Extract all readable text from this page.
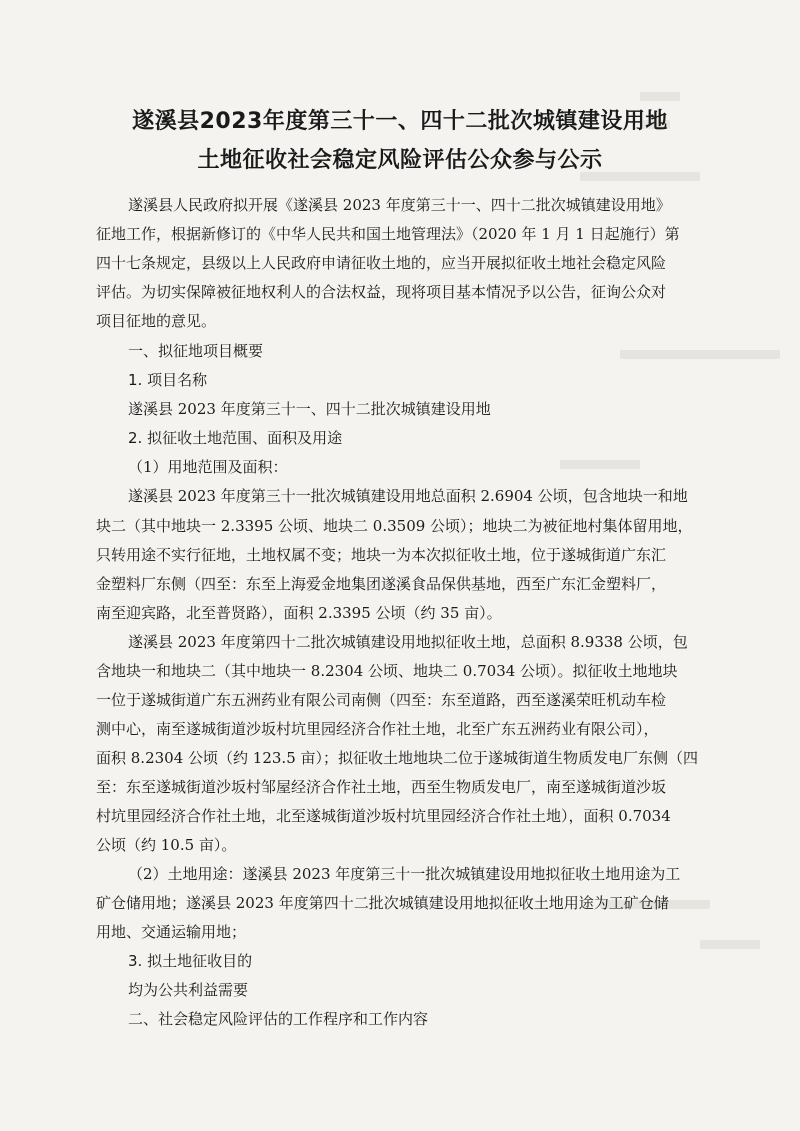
遂溪县2023年度第三十一、四十二批次城镇建设用地
土地征收社会稳定风险评估公众参与公示
遂溪县人民政府拟开展《遂溪县 2023 年度第三十一、四十二批次城镇建设用地》
征地工作，根据新修订的《中华人民共和国土地管理法》（2020 年 1 月 1 日起施行）第
四十七条规定，县级以上人民政府申请征收土地的，应当开展拟征收土地社会稳定风险
评估。为切实保障被征地权利人的合法权益，现将项目基本情况予以公告，征询公众对
项目征地的意见。
一、拟征地项目概要
1. 项目名称
遂溪县 2023 年度第三十一、四十二批次城镇建设用地
2. 拟征收土地范围、面积及用途
（1）用地范围及面积：
遂溪县 2023 年度第三十一批次城镇建设用地总面积 2.6904 公顷，包含地块一和地
块二（其中地块一 2.3395 公顷、地块二 0.3509 公顷）；地块二为被征地村集体留用地，
只转用途不实行征地，土地权属不变；地块一为本次拟征收土地，位于遂城街道广东汇
金塑料厂东侧（四至：东至上海爱金地集团遂溪食品保供基地，西至广东汇金塑料厂，
南至迎宾路，北至普贤路），面积 2.3395 公顷（约 35 亩）。
遂溪县 2023 年度第四十二批次城镇建设用地拟征收土地，总面积 8.9338 公顷，包
含地块一和地块二（其中地块一 8.2304 公顷、地块二 0.7034 公顷）。拟征收土地地块
一位于遂城街道广东五洲药业有限公司南侧（四至：东至道路，西至遂溪荣旺机动车检
测中心，南至遂城街道沙坂村坑里园经济合作社土地，北至广东五洲药业有限公司），
面积 8.2304 公顷（约 123.5 亩）；拟征收土地地块二位于遂城街道生物质发电厂东侧（四
至：东至遂城街道沙坂村邹屋经济合作社土地，西至生物质发电厂，南至遂城街道沙坂
村坑里园经济合作社土地，北至遂城街道沙坂村坑里园经济合作社土地），面积 0.7034
公顷（约 10.5 亩）。
（2）土地用途：遂溪县 2023 年度第三十一批次城镇建设用地拟征收土地用途为工
矿仓储用地；遂溪县 2023 年度第四十二批次城镇建设用地拟征收土地用途为工矿仓储
用地、交通运输用地；
3. 拟土地征收目的
均为公共利益需要
二、社会稳定风险评估的工作程序和工作内容
